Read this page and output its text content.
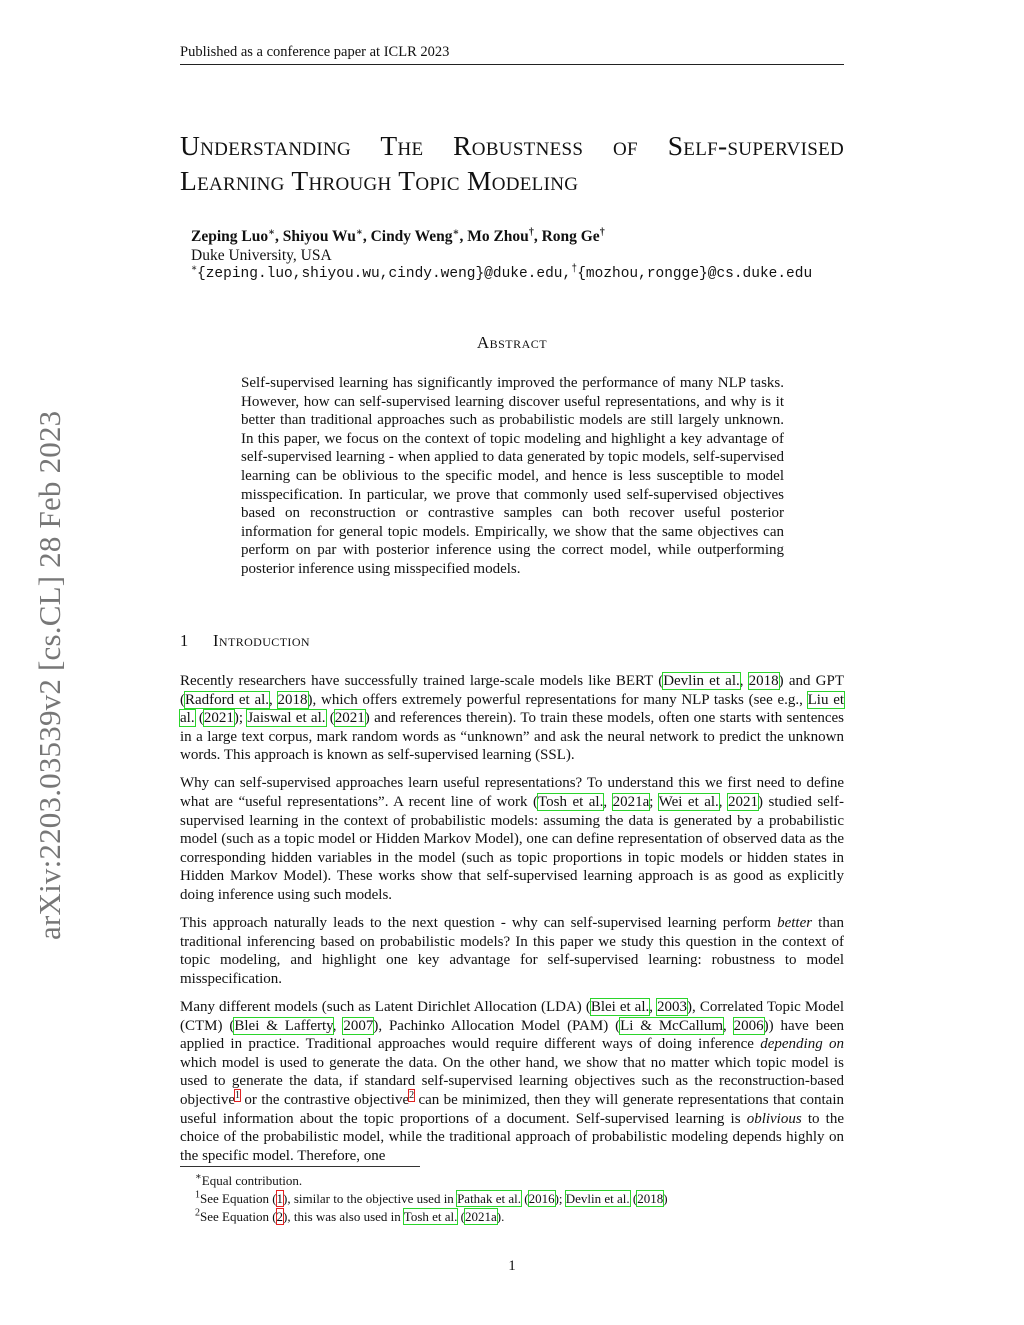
Published as a conference paper at ICLR 2023
arXiv:2203.03539v2 [cs.CL] 28 Feb 2023
Understanding The Robustness of Self-supervised Learning Through Topic Modeling
Zeping Luo∗, Shiyou Wu∗, Cindy Weng∗, Mo Zhou†, Rong Ge†
Duke University, USA
∗{zeping.luo,shiyou.wu,cindy.weng}@duke.edu,†{mozhou,rongge}@cs.duke.edu
Abstract
Self-supervised learning has significantly improved the performance of many NLP tasks. However, how can self-supervised learning discover useful representations, and why is it better than traditional approaches such as probabilistic models are still largely unknown. In this paper, we focus on the context of topic modeling and highlight a key advantage of self-supervised learning - when applied to data generated by topic models, self-supervised learning can be oblivious to the specific model, and hence is less susceptible to model misspecification. In particular, we prove that commonly used self-supervised objectives based on reconstruction or contrastive samples can both recover useful posterior information for general topic models. Empirically, we show that the same objectives can perform on par with posterior inference using the correct model, while outperforming posterior inference using misspecified models.
1 Introduction

Recently researchers have successfully trained large-scale models like BERT (Devlin et al., 2018) and GPT (Radford et al., 2018), which offers extremely powerful representations for many NLP tasks (see e.g., Liu et al. (2021); Jaiswal et al. (2021) and references therein). To train these models, often one starts with sentences in a large text corpus, mark random words as “unknown” and ask the neural network to predict the unknown words. This approach is known as self-supervised learning (SSL).

Why can self-supervised approaches learn useful representations? To understand this we first need to define what are “useful representations”. A recent line of work (Tosh et al., 2021a; Wei et al., 2021) studied self-supervised learning in the context of probabilistic models: assuming the data is generated by a probabilistic model (such as a topic model or Hidden Markov Model), one can define representation of observed data as the corresponding hidden variables in the model (such as topic proportions in topic models or hidden states in Hidden Markov Model). These works show that self-supervised learning approach is as good as explicitly doing inference using such models.

This approach naturally leads to the next question - why can self-supervised learning perform better than traditional inferencing based on probabilistic models? In this paper we study this question in the context of topic modeling, and highlight one key advantage for self-supervised learning: robustness to model misspecification.

Many different models (such as Latent Dirichlet Allocation (LDA) (Blei et al., 2003), Correlated Topic Model (CTM) (Blei & Lafferty, 2007), Pachinko Allocation Model (PAM) (Li & McCallum, 2006)) have been applied in practice. Traditional approaches would require different ways of doing inference depending on which model is used to generate the data. On the other hand, we show that no matter which topic model is used to generate the data, if standard self-supervised learning objectives such as the reconstruction-based objective$^1$ or the contrastive objective$^2$ can be minimized, then they will generate representations that contain useful information about the topic proportions of a document. Self-supervised learning is oblivious to the choice of the probabilistic model, while the traditional approach of probabilistic modeling depends highly on the specific model. Therefore, one

∗Equal contribution.
$^1$See Equation (1), similar to the objective used in Pathak et al. (2016); Devlin et al. (2018)
$^2$See Equation (2), this was also used in Tosh et al. (2021a).
1
